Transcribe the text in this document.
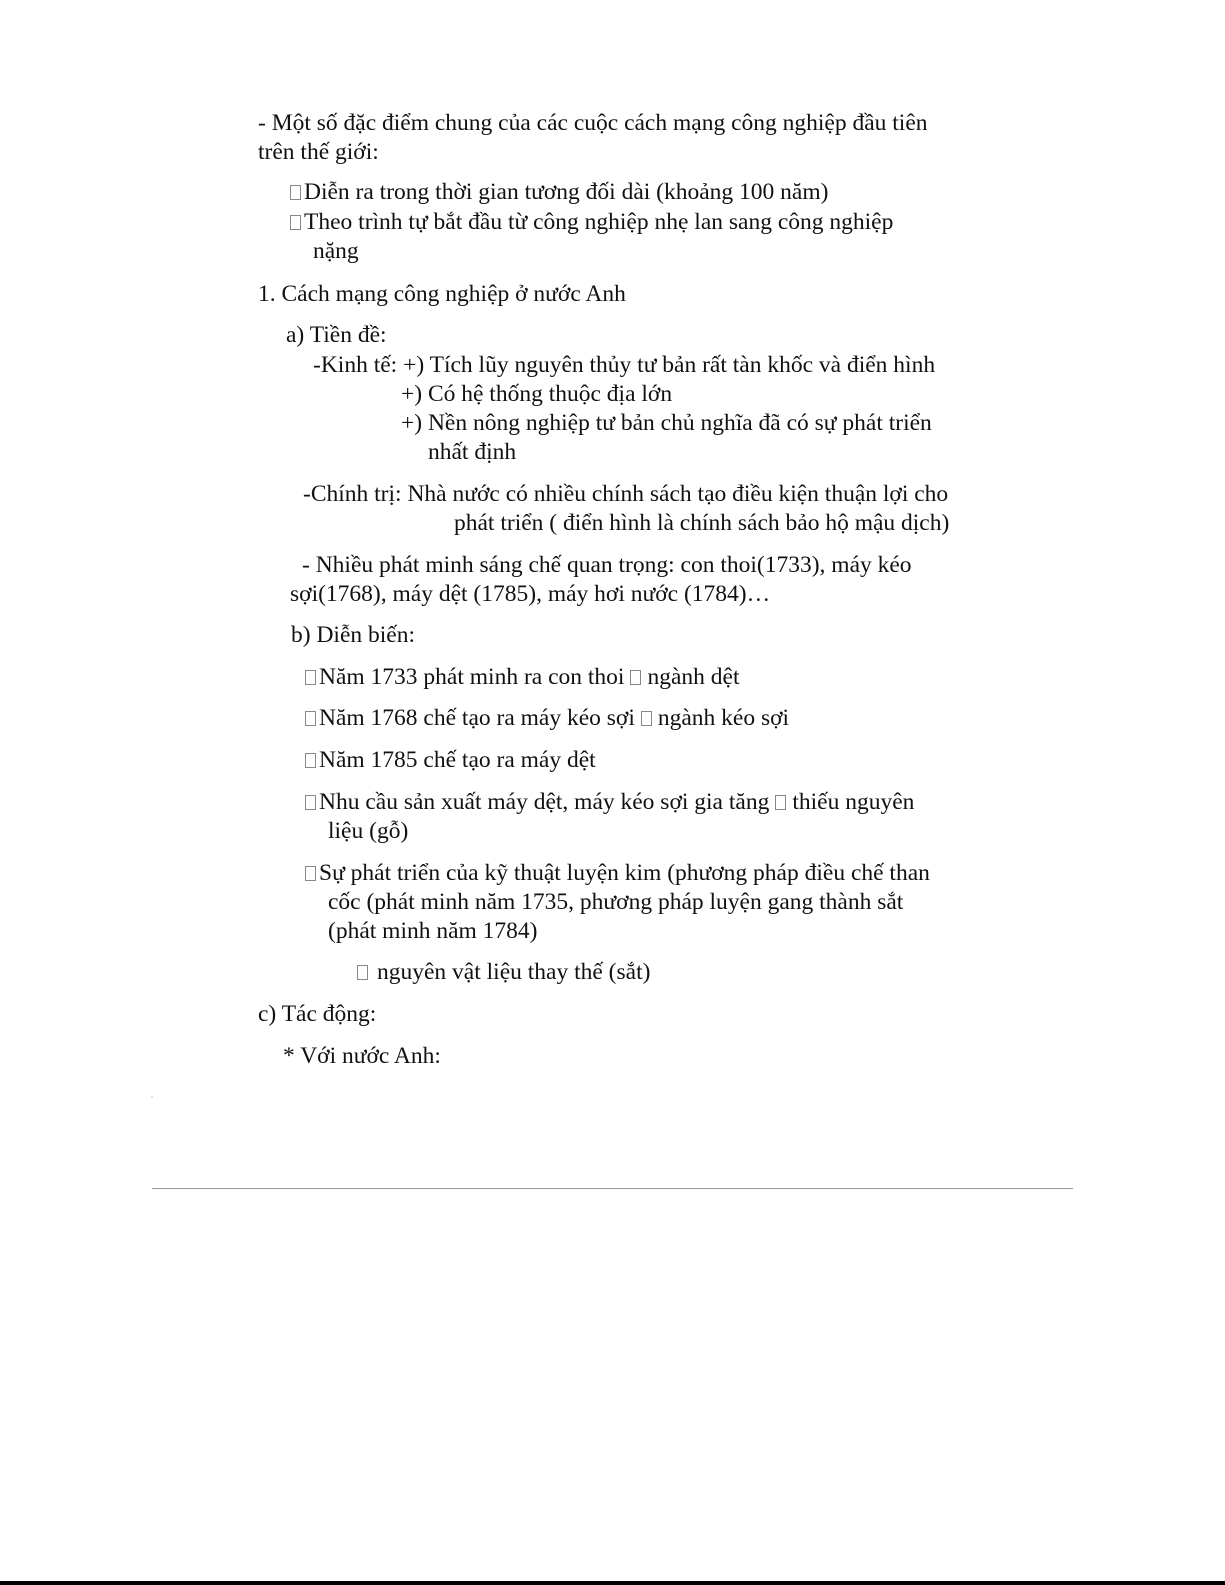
- Một số đặc điểm chung của các cuộc cách mạng công nghiệp đầu tiên
trên thế giới:
Diễn ra trong thời gian tương đối dài (khoảng 100 năm)
Theo trình tự bắt đầu từ công nghiệp nhẹ lan sang công nghiệp
nặng
1. Cách mạng công nghiệp ở nước Anh
a) Tiền đề:
-Kinh tế: +) Tích lũy nguyên thủy tư bản rất tàn khốc và điển hình
+) Có hệ thống thuộc địa lớn
+) Nền nông nghiệp tư bản chủ nghĩa đã có sự phát triển
nhất định
-Chính trị: Nhà nước có nhiều chính sách tạo điều kiện thuận lợi cho
phát triển ( điển hình là chính sách bảo hộ mậu dịch)
- Nhiều phát minh sáng chế quan trọng: con thoi(1733), máy kéo
sợi(1768), máy dệt (1785), máy hơi nước (1784)…
b) Diễn biến:
Năm 1733 phát minh ra con thoi ngành dệt
Năm 1768 chế tạo ra máy kéo sợi ngành kéo sợi
Năm 1785 chế tạo ra máy dệt
Nhu cầu sản xuất máy dệt, máy kéo sợi gia tăng thiếu nguyên
liệu (gỗ)
Sự phát triển của kỹ thuật luyện kim (phương pháp điều chế than
cốc (phát minh năm 1735, phương pháp luyện gang thành sắt
(phát minh năm 1784)
nguyên vật liệu thay thế (sắt)
c) Tác động:
* Với nước Anh:
